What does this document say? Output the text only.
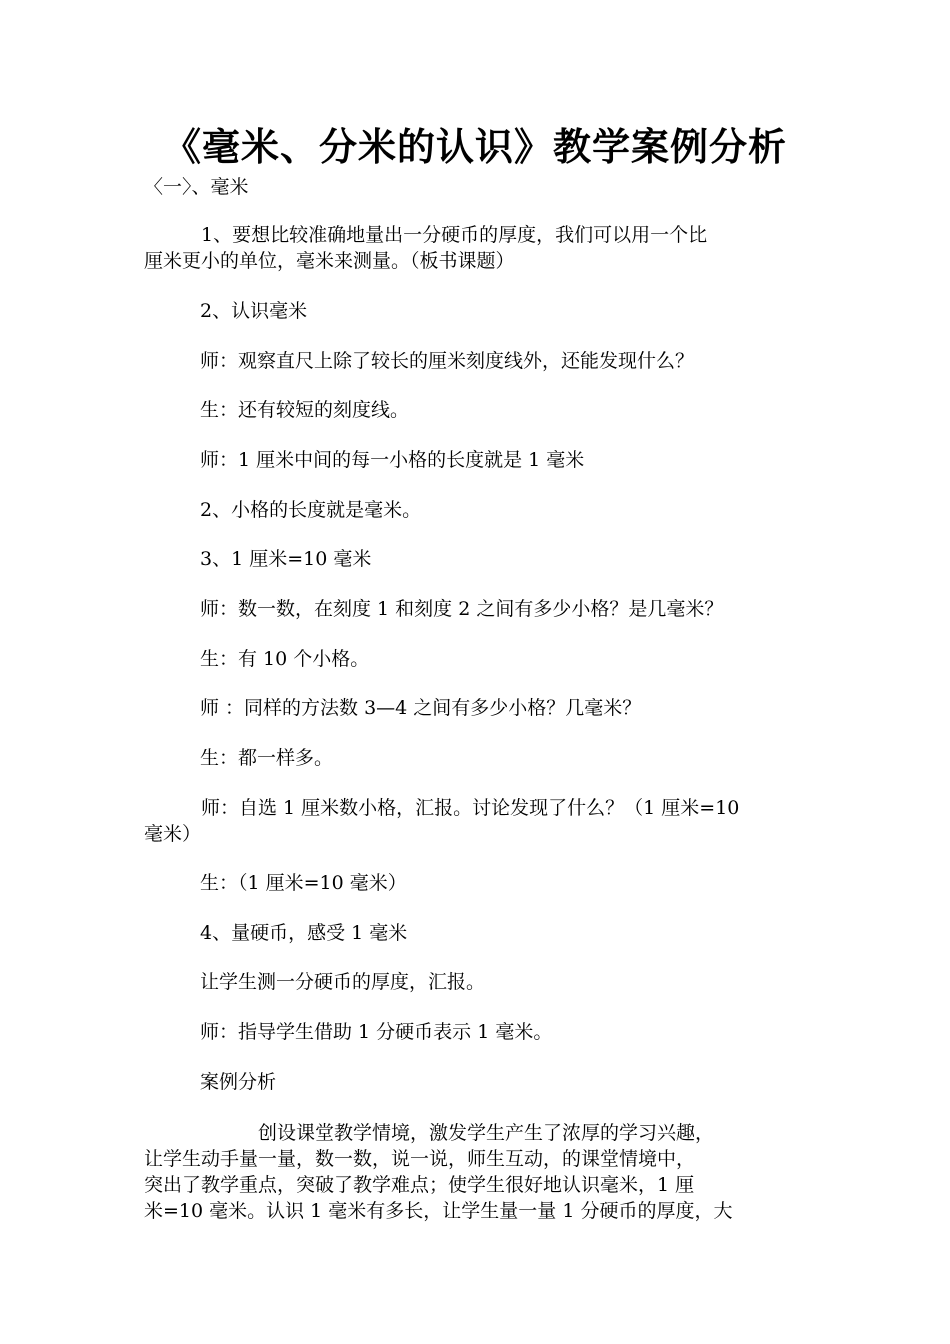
《毫米、分米的认识》教学案例分析
〈一〉、毫米
　　　1、要想比较准确地量出一分硬币的厚度，我们可以用一个比
厘米更小的单位，毫米来测量。（板书课题）
2、认识毫米
师：观察直尺上除了较长的厘米刻度线外，还能发现什么？
生：还有较短的刻度线。
师：1 厘米中间的每一小格的长度就是 1 毫米
2、小格的长度就是毫米。
3、1 厘米=10 毫米
师：数一数，在刻度 1 和刻度 2 之间有多少小格？是几毫米？
生：有 10 个小格。
师 ：同样的方法数 3—4 之间有多少小格？几毫米？
生：都一样多。
　　　师：自选 1 厘米数小格，汇报。讨论发现了什么？（1 厘米=10
毫米）
生：（1 厘米=10 毫米）
4、量硬币，感受 1 毫米
让学生测一分硬币的厚度，汇报。
师：指导学生借助 1 分硬币表示 1 毫米。
案例分析
　　　　　　创设课堂教学情境，激发学生产生了浓厚的学习兴趣，
让学生动手量一量，数一数，说一说，师生互动，的课堂情境中，
突出了教学重点，突破了教学难点；使学生很好地认识毫米，1 厘
米=10 毫米。认识 1 毫米有多长，让学生量一量 1 分硬币的厚度，大
